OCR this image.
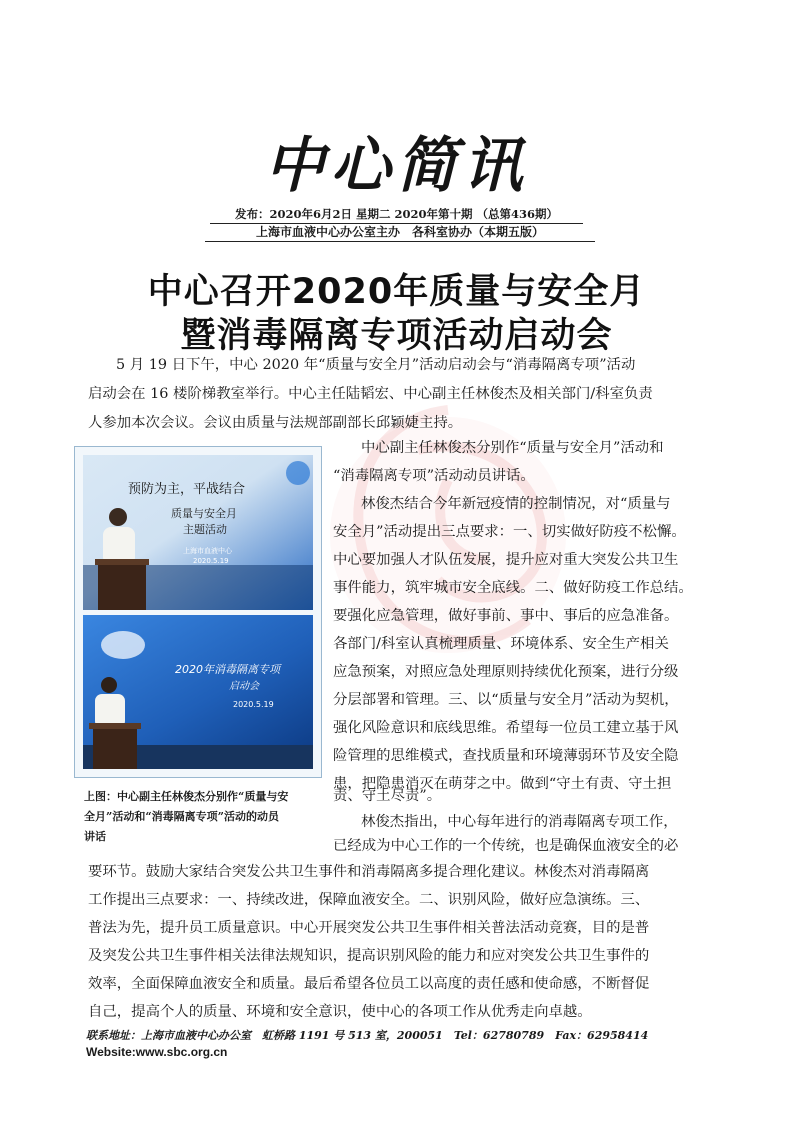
中心简讯
发布：2020年6月2日 星期二 2020年第十期 （总第436期）
上海市血液中心办公室主办　各科室协办（本期五版）
中心召开2020年质量与安全月
暨消毒隔离专项活动启动会
5 月 19 日下午，中心 2020 年“质量与安全月”活动启动会与“消毒隔离专项”活动
启动会在 16 楼阶梯教室举行。中心主任陆韬宏、中心副主任林俊杰及相关部门/科室负责
人参加本次会议。会议由质量与法规部副部长邱颖婕主持。
预防为主，平战结合
质量与安全月
主题活动
上海市血液中心
2020.5.19
2020年消毒隔离专项
启动会
2020.5.19
中心副主任林俊杰分别作“质量与安全月”活动和
“消毒隔离专项”活动动员讲话。
林俊杰结合今年新冠疫情的控制情况，对“质量与
安全月”活动提出三点要求：一、切实做好防疫不松懈。
中心要加强人才队伍发展，提升应对重大突发公共卫生
事件能力，筑牢城市安全底线。二、做好防疫工作总结。
要强化应急管理，做好事前、事中、事后的应急准备。
各部门/科室认真梳理质量、环境体系、安全生产相关
应急预案，对照应急处理原则持续优化预案，进行分级
分层部署和管理。三、以“质量与安全月”活动为契机，
强化风险意识和底线思维。希望每一位员工建立基于风
险管理的思维模式，查找质量和环境薄弱环节及安全隐
患，把隐患消灭在萌芽之中。做到“守土有责、守土担
责、守土尽责”。
上图：中心副主任林俊杰分别作“质量与安
全月”活动和“消毒隔离专项”活动的动员
讲话
林俊杰指出，中心每年进行的消毒隔离专项工作，
已经成为中心工作的一个传统，也是确保血液安全的必
要环节。鼓励大家结合突发公共卫生事件和消毒隔离多提合理化建议。林俊杰对消毒隔离
工作提出三点要求：一、持续改进，保障血液安全。二、识别风险，做好应急演练。三、
普法为先，提升员工质量意识。中心开展突发公共卫生事件相关普法活动竞赛，目的是普
及突发公共卫生事件相关法律法规知识，提高识别风险的能力和应对突发公共卫生事件的
效率，全面保障血液安全和质量。最后希望各位员工以高度的责任感和使命感，不断督促
联系地址：上海市血液中心办公室　虹桥路 1191 号 513 室，200051　Tel：62780789　Fax：62958414
Website:www.sbc.org.cn
自己，提高个人的质量、环境和安全意识，使中心的各项工作从优秀走向卓越。
